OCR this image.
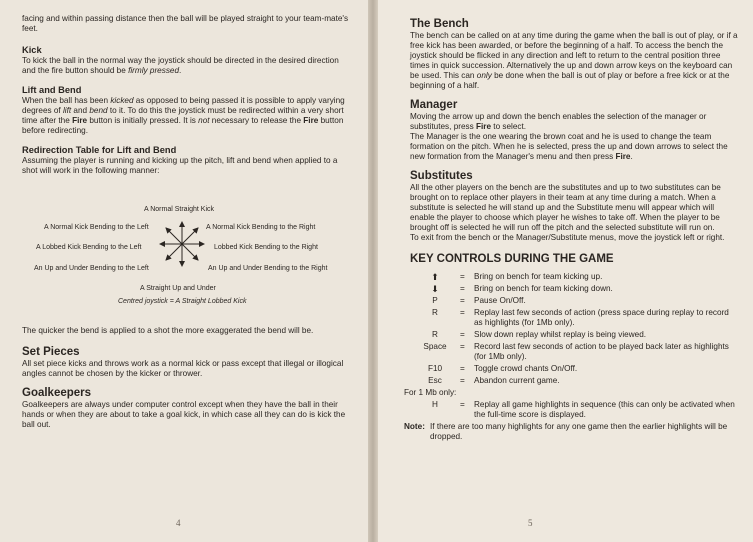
facing and within passing distance then the ball will be played straight to your team-mate's feet.

Kick

To kick the ball in the normal way the joystick should be directed in the desired direction and the fire button should be firmly pressed.

Lift and Bend

When the ball has been kicked as opposed to being passed it is possible to apply varying degrees of lift and bend to it. To do this the joystick must be redirected within a very short time after the Fire button is initially pressed. It is not necessary to release the Fire button before redirecting.

Redirection Table for Lift and Bend

Assuming the player is running and kicking up the pitch, lift and bend when applied to a shot will work in the following manner:

A Normal Straight Kick
A Normal Kick Bending to the Left	A Normal Kick Bending to the Right
A Lobbed Kick Bending to the Left	Lobbed Kick Bending to the Right
An Up and Under Bending to the Left	An Up and Under Bending to the Right
A Straight Up and Under
Centred joystick = A Straight Lobbed Kick

The quicker the bend is applied to a shot the more exaggerated the bend will be.

Set Pieces

All set piece kicks and throws work as a normal kick or pass except that illegal or illogical angles cannot be chosen by the kicker or thrower.

Goalkeepers

Goalkeepers are always under computer control except when they have the ball in their hands or when they are about to take a goal kick, in which case all they can do is kick the ball out.

4
The Bench

The bench can be called on at any time during the game when the ball is out of play, or if a free kick has been awarded, or before the beginning of a half. To access the bench the joystick should be flicked in any direction and left to return to the central position three times in quick succession. Alternatively the up and down arrow keys on the keyboard can be used. This can only be done when the ball is out of play or before a free kick or at the beginning of a half.

Manager

Moving the arrow up and down the bench enables the selection of the manager or substitutes, press Fire to select.

The Manager is the one wearing the brown coat and he is used to change the team formation on the pitch. When he is selected, press the up and down arrows to select the new formation from the Manager's menu and then press Fire.

Substitutes

All the other players on the bench are the substitutes and up to two substitutes can be brought on to replace other players in their team at any time during a match. When a substitute is selected he will stand up and the Substitute menu will appear which will enable the player to choose which player he wishes to take off. When the player to be brought off is selected he will run off the pitch and the selected substitute will run on.

To exit from the bench or the Manager/Substitute menus, move the joystick left or right.

KEY CONTROLS DURING THE GAME
⬆	=	Bring on bench for team kicking up.
⬇	=	Bring on bench for team kicking down.
P	=	Pause On/Off.
R	=	Replay last few seconds of action (press space during replay to record as highlights (for 1Mb only).
R	=	Slow down replay whilst replay is being viewed.
Space	=	Record last few seconds of action to be played back later as highlights (for 1Mb only).
F10	=	Toggle crowd chants On/Off.
Esc	=	Abandon current game.

For 1 Mb only:

H	=	Replay all game highlights in sequence (this can only be activated when the full-time score is displayed.
Note: If there are too many highlights for any one game then the earlier highlights will be dropped.
5
